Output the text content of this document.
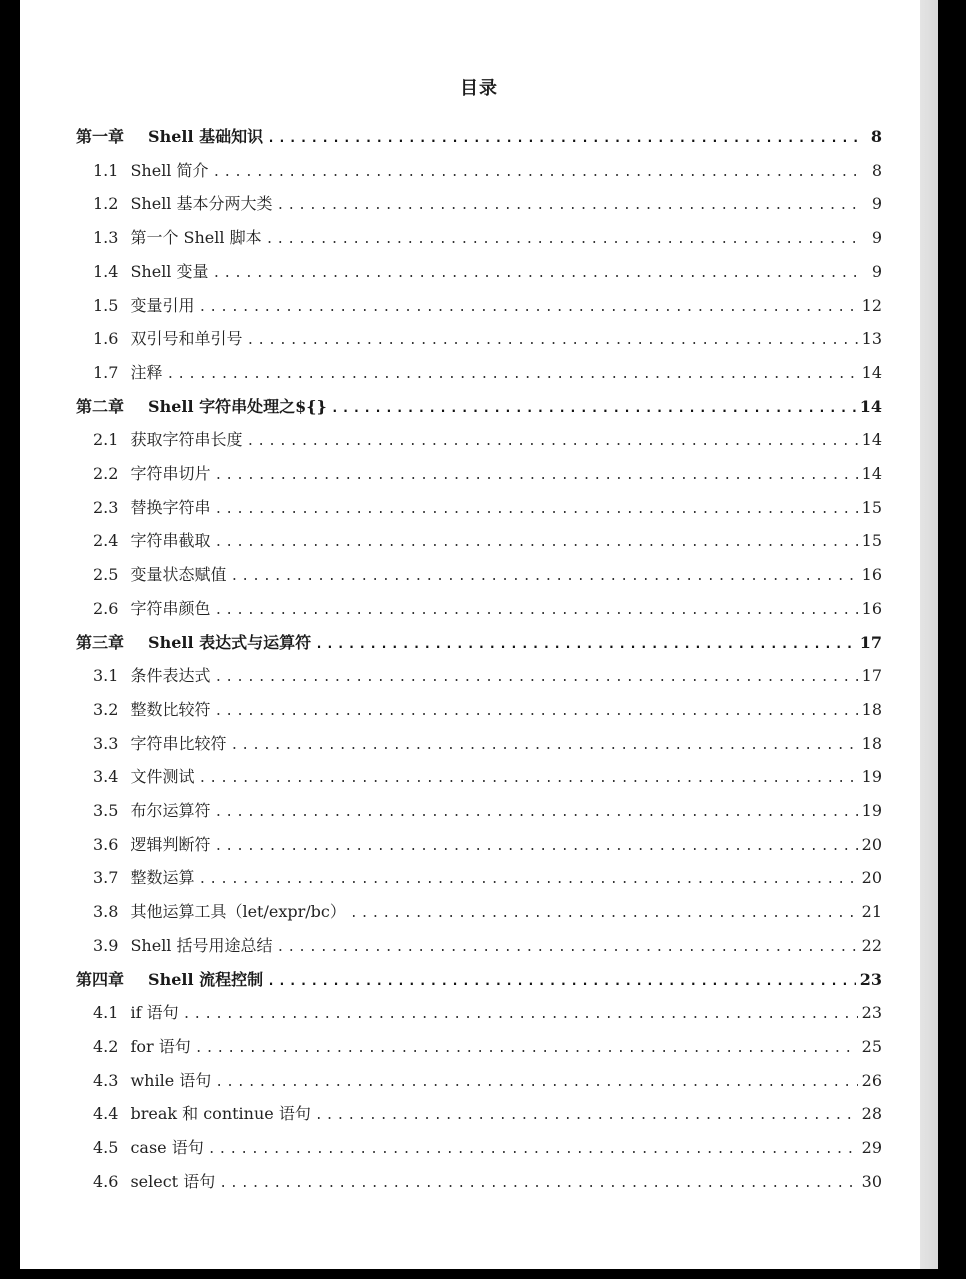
目录
第一章 Shell 基础知识 .....	8
1.1 Shell 简介 .....	8
1.2 Shell 基本分两大类 .....	9
1.3 第一个 Shell 脚本 .....	9
1.4 Shell 变量 .....	9
1.5 变量引用 .....	12
1.6 双引号和单引号 .....	13
1.7 注释 .....	14
第二章 Shell 字符串处理之${} .....	14
2.1 获取字符串长度 .....	14
2.2 字符串切片 .....	14
2.3 替换字符串 .....	15
2.4 字符串截取 .....	15
2.5 变量状态赋值 .....	16
2.6 字符串颜色 .....	16
第三章 Shell 表达式与运算符 .....	17
3.1 条件表达式 .....	17
3.2 整数比较符 .....	18
3.3 字符串比较符 .....	18
3.4 文件测试 .....	19
3.5 布尔运算符 .....	19
3.6 逻辑判断符 .....	20
3.7 整数运算 .....	20
3.8 其他运算工具（let/expr/bc） .....	21
3.9 Shell 括号用途总结 .....	22
第四章 Shell 流程控制 .....	23
4.1 if 语句 .....	23
4.2 for 语句 .....	25
4.3 while 语句 .....	26
4.4 break 和 continue 语句 .....	28
4.5 case 语句 .....	29
4.6 select 语句 .....	30
